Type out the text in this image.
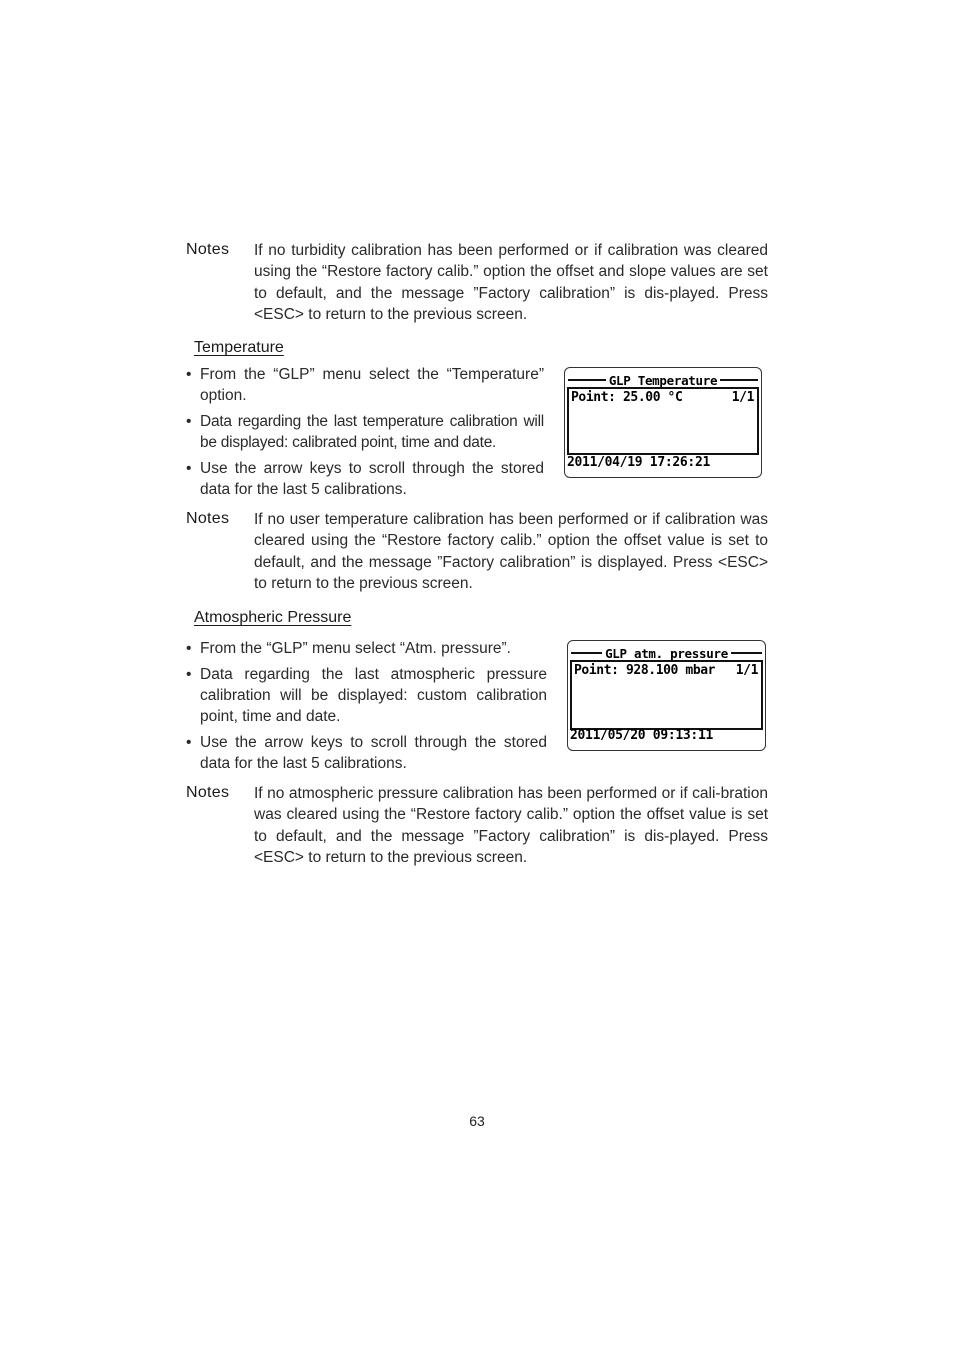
Notes If no turbidity calibration has been performed or if calibration was cleared using the “Restore factory calib.” option the offset and slope values are set to default, and the message ”Factory calibration” is dis-played. Press <ESC> to return to the previous screen.
Temperature
• From the “GLP” menu select the “Temperature” option.
• Data regarding the last temperature calibration will be displayed: calibrated point, time and date.
• Use the arrow keys to scroll through the stored data for the last 5 calibrations.
GLP Temperature
Point: 25.00 °C	1/1
2011/04/19 17:26:21
Notes If no user temperature calibration has been performed or if calibration was cleared using the “Restore factory calib.” option the offset value is set to default, and the message ”Factory calibration” is displayed. Press <ESC> to return to the previous screen.
Atmospheric Pressure
• From the “GLP” menu select “Atm. pressure”.
• Data regarding the last atmospheric pressure calibration will be displayed: custom calibration point, time and date.
• Use the arrow keys to scroll through the stored data for the last 5 calibrations.
GLP atm. pressure
Point: 928.100 mbar 1/1
2011/05/20 09:13:11
Notes If no atmospheric pressure calibration has been performed or if cali-bration was cleared using the “Restore factory calib.” option the offset value is set to default, and the message ”Factory calibration” is dis-played. Press <ESC> to return to the previous screen.
63
